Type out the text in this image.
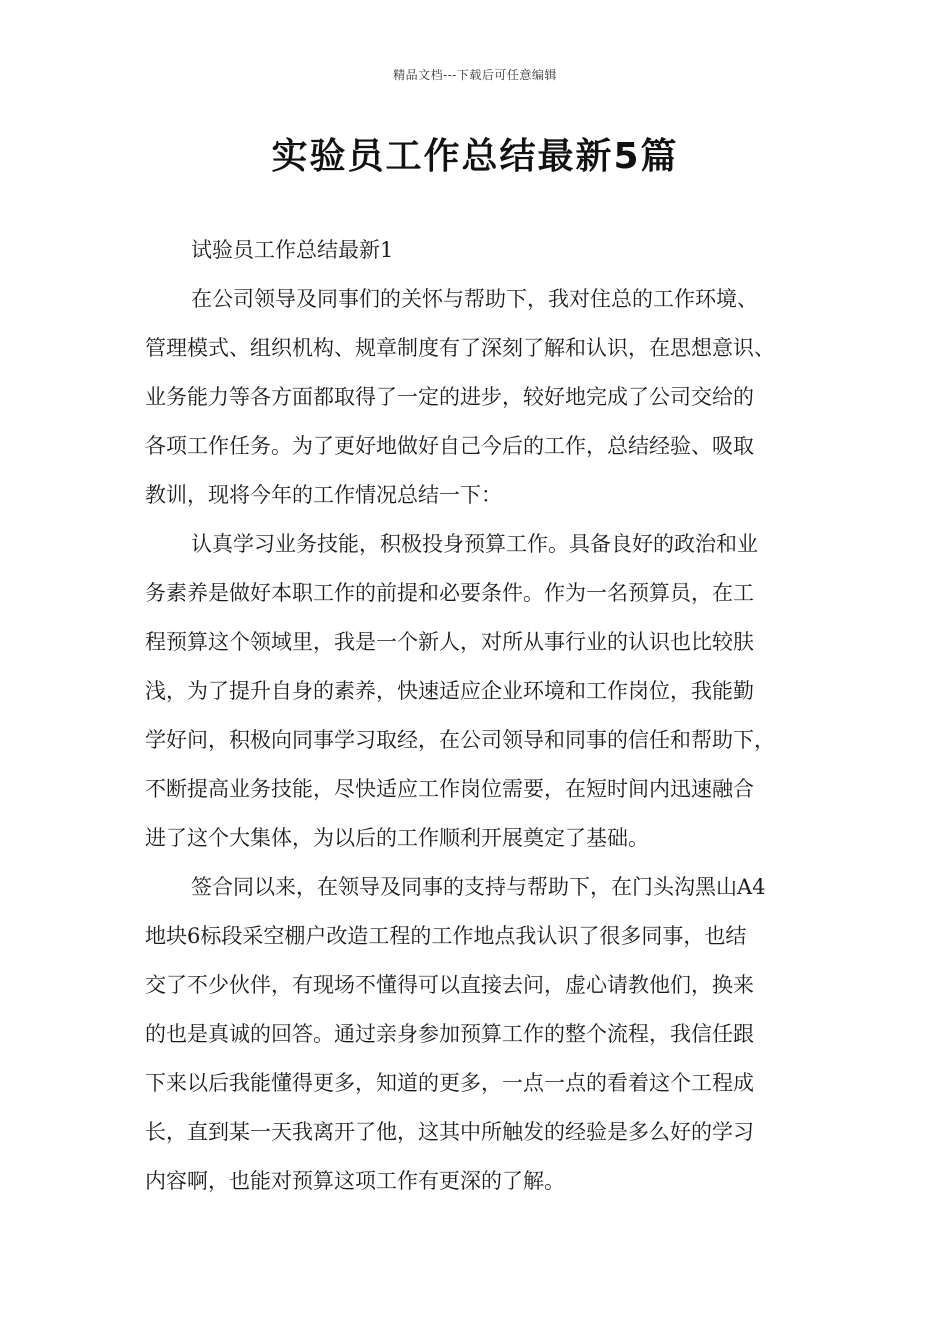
精品文档---下载后可任意编辑
实验员工作总结最新5篇
试验员工作总结最新1
在公司领导及同事们的关怀与帮助下，我对住总的工作环境、
管理模式、组织机构、规章制度有了深刻了解和认识，在思想意识、
业务能力等各方面都取得了一定的进步，较好地完成了公司交给的
各项工作任务。为了更好地做好自己今后的工作，总结经验、吸取
教训，现将今年的工作情况总结一下：
认真学习业务技能，积极投身预算工作。具备良好的政治和业
务素养是做好本职工作的前提和必要条件。作为一名预算员，在工
程预算这个领域里，我是一个新人，对所从事行业的认识也比较肤
浅，为了提升自身的素养，快速适应企业环境和工作岗位，我能勤
学好问，积极向同事学习取经，在公司领导和同事的信任和帮助下，
不断提高业务技能，尽快适应工作岗位需要，在短时间内迅速融合
进了这个大集体，为以后的工作顺利开展奠定了基础。
签合同以来，在领导及同事的支持与帮助下，在门头沟黑山A4
地块6标段采空棚户改造工程的工作地点我认识了很多同事，也结
交了不少伙伴，有现场不懂得可以直接去问，虚心请教他们，换来
的也是真诚的回答。通过亲身参加预算工作的整个流程，我信任跟
下来以后我能懂得更多，知道的更多，一点一点的看着这个工程成
长，直到某一天我离开了他，这其中所触发的经验是多么好的学习
内容啊，也能对预算这项工作有更深的了解。
